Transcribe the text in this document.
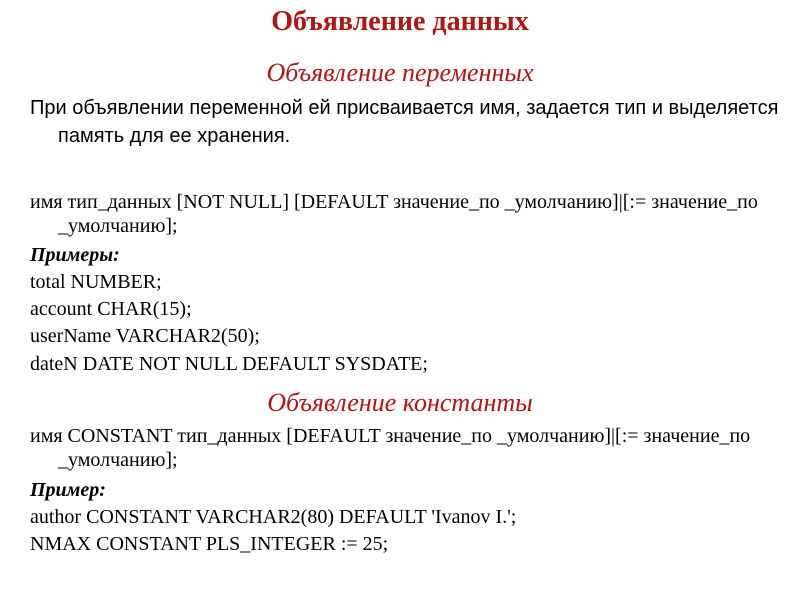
Объявление данных
Объявление переменных
При объявлении переменной ей присваивается имя, задается тип и выделяется память для ее хранения.
имя тип_данных [NOT NULL] [DEFAULT значение_по _умолчанию]|[:= значение_по _умолчанию];
Примеры:
total NUMBER;
account CHAR(15);
userName VARCHAR2(50);
dateN DATE NOT NULL DEFAULT SYSDATE;
Объявление константы
имя CONSTANT тип_данных [DEFAULT значение_по _умолчанию]|[:= значение_по _умолчанию];
Пример:
author CONSTANT VARCHAR2(80) DEFAULT 'Ivanov I.';
NMAX CONSTANT PLS_INTEGER := 25;
